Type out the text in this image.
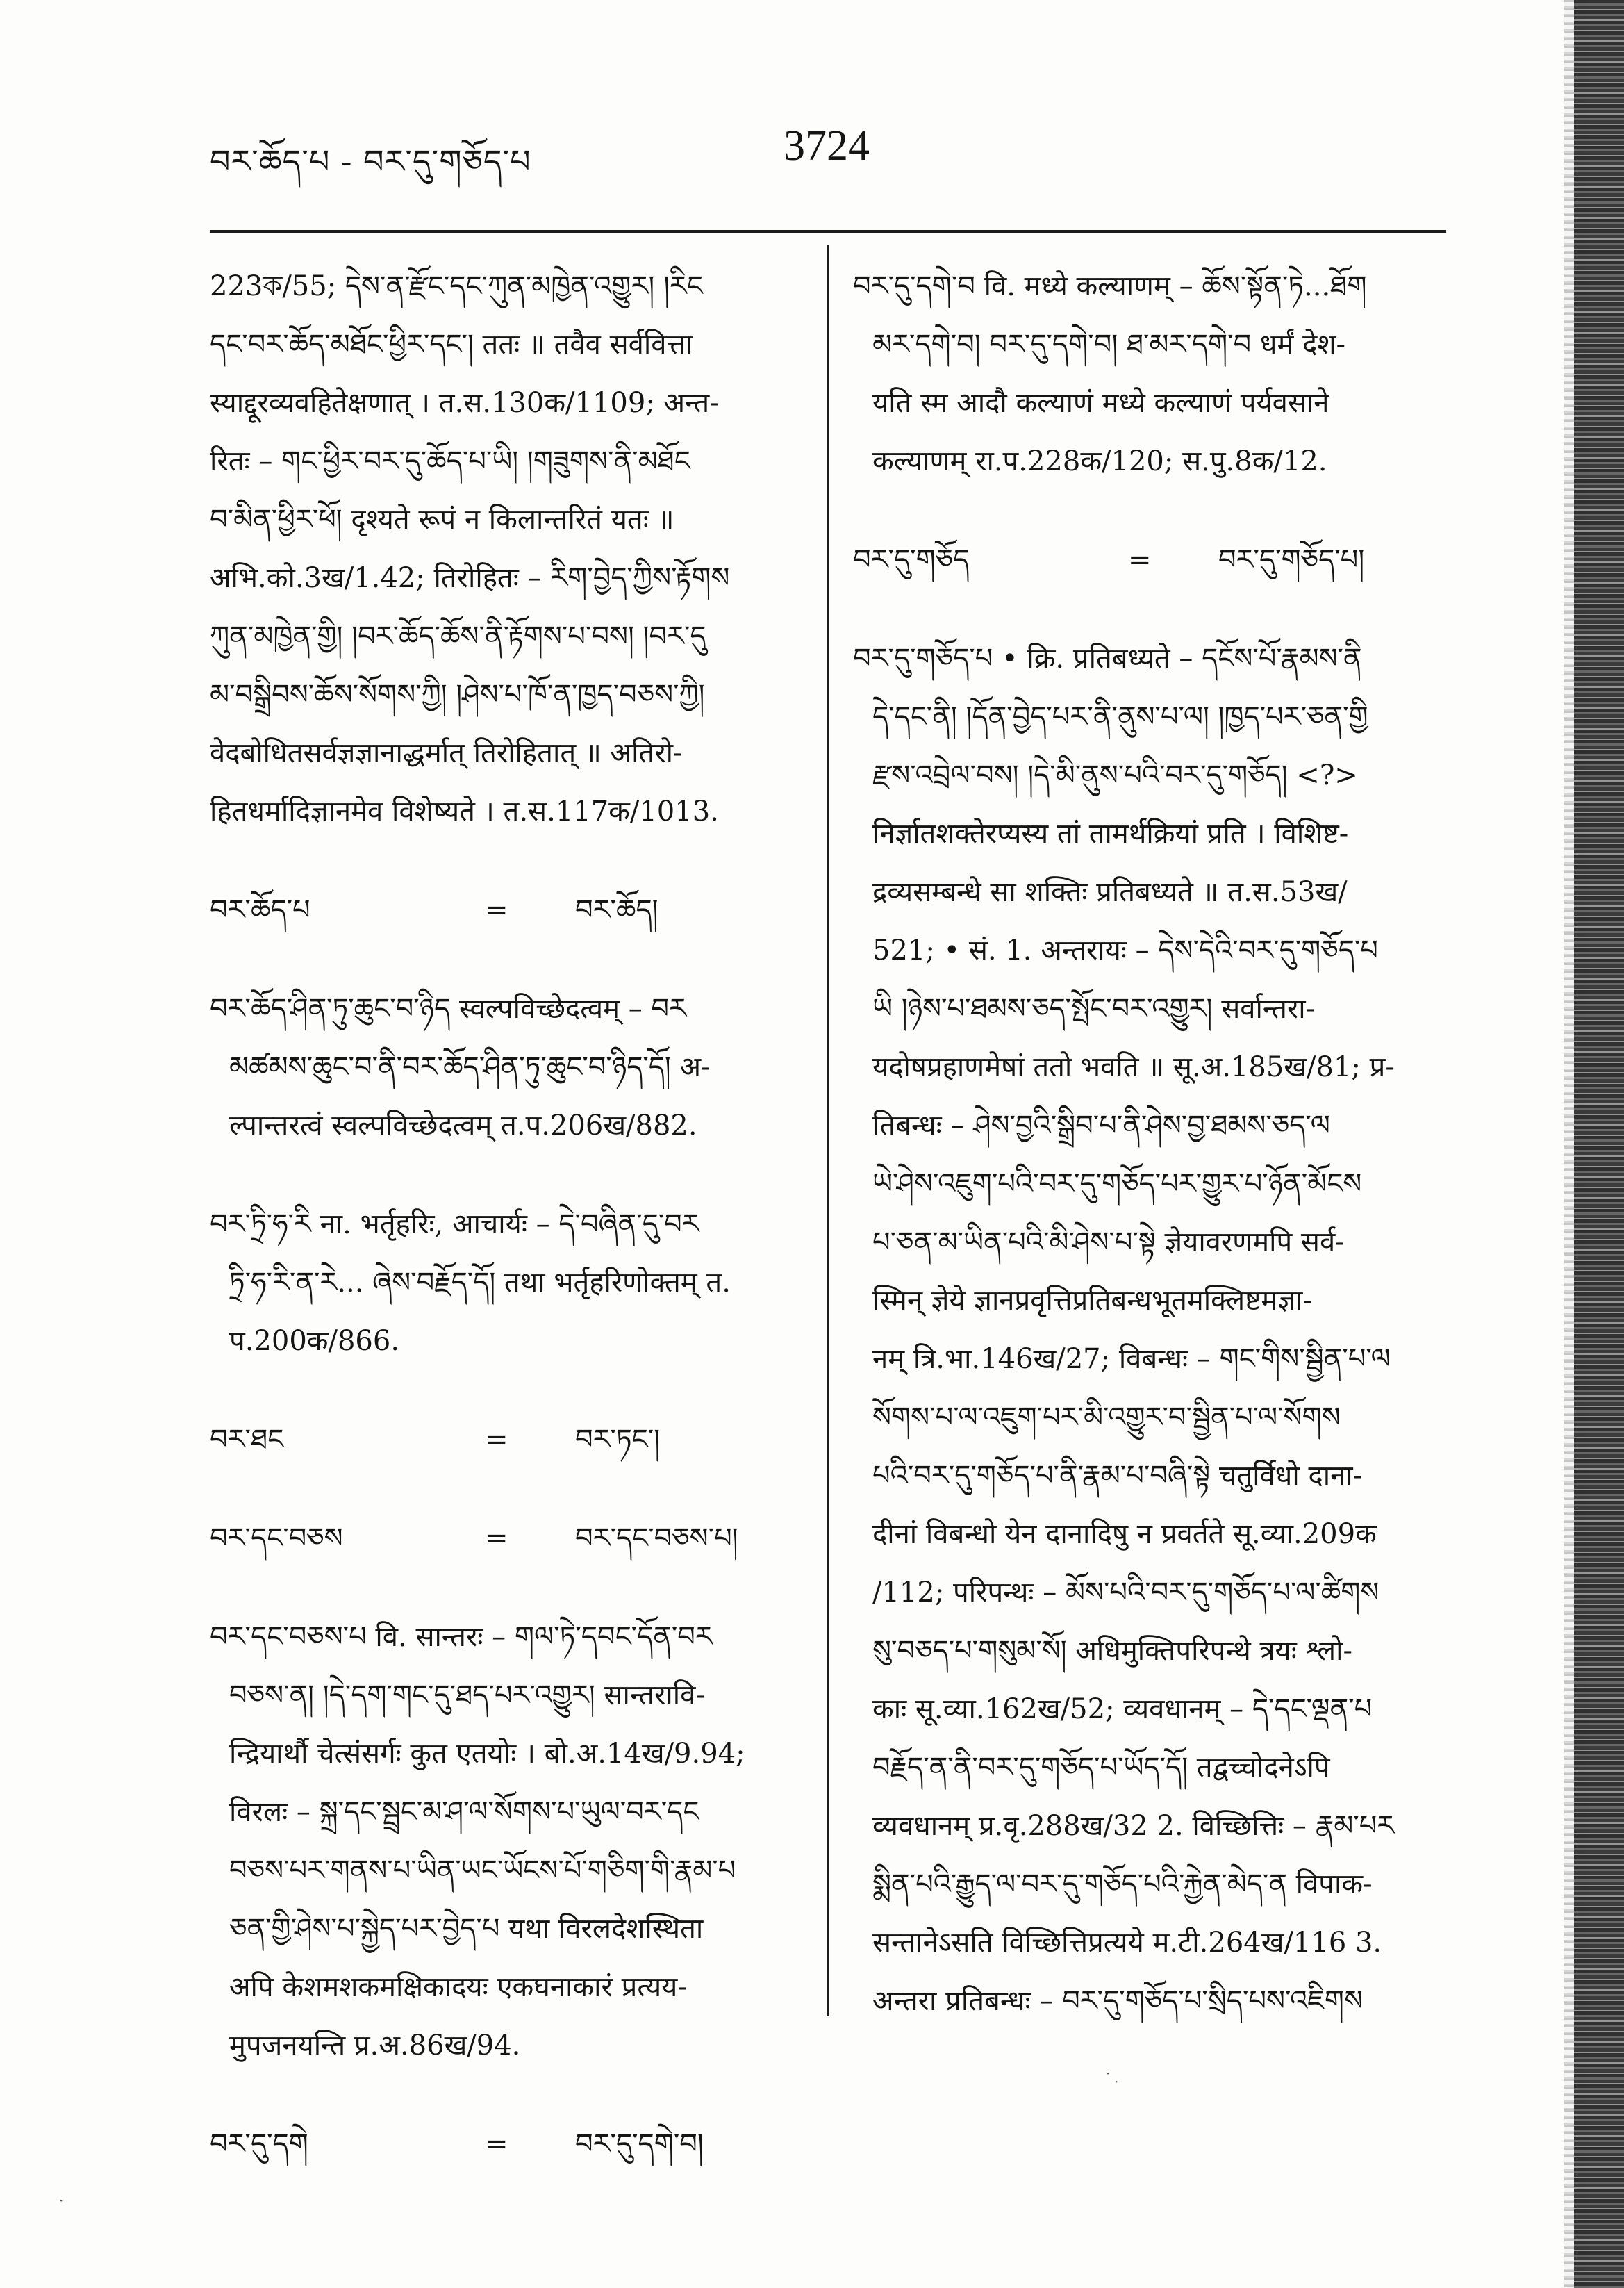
བར་ཆོད་པ - བར་དུ་གཅོད་པ	3724

223ক/55; དེས་ན་རྫོང་དང་ཀུན་མཁྱེན་འགྱུར། །རིང

དང་བར་ཆོད་མཐོང་ཕྱིར་དང་། ततः ॥ तवैव सर्ववित्ता

स्याद्दूरव्यवहितेक्षणात् । त.स.130क/1109; अन्त-

रितः – གང་ཕྱིར་བར་དུ་ཆོད་པ་ཡི། །གཟུགས་ནི་མཐོང

བ་མིན་ཕྱིར་ཕོ། दृश्यते रूपं न किलान्तरितं यतः ॥

अभि.को.3ख/1.42; तिरोहितः – རིག་བྱེད་ཀྱིས་རྟོགས

ཀུན་མཁྱེན་གྱི། །བར་ཆོད་ཆོས་ནི་རྟོགས་པ་བས། །བར་དུ

མ་བསྒྲིབས་ཆོས་སོགས་ཀྱི། །ཤེས་པ་ཁོ་ན་ཁྱད་བཅས་ཀྱི།

वेदबोधितसर्वज्ञज्ञानाद्धर्मात् तिरोहितात् ॥ अतिरो-

हितधर्मादिज्ञानमेव विशेष्यते । त.स.117क/1013.

བར་ཆོད་པ	=	བར་ཆོད།

བར་ཆོད་ཤིན་ཏུ་ཆུང་བ་ཉིད स्वल्पविच्छेदत्वम् – བར

མཚམས་ཆུང་བ་ནི་བར་ཆོད་ཤིན་ཏུ་ཆུང་བ་ཉིད་དོ། अ-

ल्पान्तरत्वं स्वल्पविच्छेदत्वम् त.प.206ख/882.

བར་ཏྲི་ཧ་རི ना. भर्तृहरिः, आचार्यः – དེ་བཞིན་དུ་བར

ཏྲི་ཧ་རི་ན་རེ... ཞེས་བརྗོད་དོ། तथा भर्तृहरिणोक्तम् त.

प.200क/866.

བར་ཐང	=	བར་ཏང་།
བར་དང་བཅས	=	བར་དང་བཅས་པ།

བར་དང་བཅས་པ वि. सान्तरः – གལ་ཏེ་དབང་དོན་བར

བཅས་ན། །དེ་དག་གང་དུ་ཐད་པར་འགྱུར། सान्तरावि-

न्द्रियार्थौ चेत्संसर्गः कुत एतयोः । बो.अ.14ख/9.94;

विरलः – སྐྲ་དང་སྦྲང་མ་ཤ་ལ་སོགས་པ་ཡུལ་བར་དང

བཅས་པར་གནས་པ་ཡིན་ཡང་ཡོངས་པོ་གཅིག་གི་རྣམ་པ

ཅན་གྱི་ཤེས་པ་སྐྱེད་པར་བྱེད་པ यथा विरलदेशस्थिता

अपि केशमशकमक्षिकादयः एकघनाकारं प्रत्यय-

मुपजनयन्ति प्र.अ.86ख/94.

བར་དུ་དགེ	=	བར་དུ་དགེ་བ།

བར་དུ་དགེ་བ वि. मध्ये कल्याणम् – ཆོས་སྟོན་ཏེ...ཐོག

མར་དགེ་བ། བར་དུ་དགེ་བ། ཐ་མར་དགེ་བ धर्मं देश-

यति स्म आदौ कल्याणं मध्ये कल्याणं पर्यवसाने

कल्याणम् रा.प.228क/120; स.पु.8क/12.

བར་དུ་གཅོད	=	བར་དུ་གཅོད་པ།

བར་དུ་གཅོད་པ • क्रि. प्रतिबध्यते – དངོས་པོ་རྣམས་ནི

དེ་དང་ནི། །དོན་བྱེད་པར་ནི་ནུས་པ་ལ། །ཁྱད་པར་ཅན་གྱི

རྫས་འབྲེལ་བས། །དེ་མི་ནུས་པའི་བར་དུ་གཅོད། <?>

निर्ज्ञातशक्तेरप्यस्य तां तामर्थक्रियां प्रति । विशिष्ट-

द्रव्यसम्बन्धे सा शक्तिः प्रतिबध्यते ॥ त.स.53ख/

521; • सं. 1. अन्तरायः – དེས་དེའི་བར་དུ་གཅོད་པ

ཡི །ཉེས་པ་ཐམས་ཅད་སྤོང་བར་འགྱུར། सर्वान्तरा-

यदोषप्रहाणमेषां ततो भवति ॥ सू.अ.185ख/81; प्र-

तिबन्धः – ཤེས་བྱའི་སྒྲིབ་པ་ནི་ཤེས་བྱ་ཐམས་ཅད་ལ

ཡེ་ཤེས་འཇུག་པའི་བར་དུ་གཅོད་པར་གྱུར་པ་ཉོན་མོངས

པ་ཅན་མ་ཡིན་པའི་མི་ཤེས་པ་སྟེ ज्ञेयावरणमपि सर्व-

स्मिन् ज्ञेये ज्ञानप्रवृत्तिप्रतिबन्धभूतमक्लिष्टमज्ञा-

नम् त्रि.भा.146ख/27; विबन्धः – གང་གིས་སྦྱིན་པ་ལ

སོགས་པ་ལ་འཇུག་པར་མི་འགྱུར་བ་སྦྱིན་པ་ལ་སོགས

པའི་བར་དུ་གཅོད་པ་ནི་རྣམ་པ་བཞི་སྟེ चतुर्विधो दाना-

दीनां विबन्धो येन दानादिषु न प्रवर्तते सू.व्या.209क

/112; परिपन्थः – མོས་པའི་བར་དུ་གཅོད་པ་ལ་ཚིགས

སུ་བཅད་པ་གསུམ་སོ། अधिमुक्तिपरिपन्थे त्रयः श्लो-

काः सू.व्या.162ख/52; व्यवधानम् – དེ་དང་ལྡན་པ

བརྗོད་ན་ནི་བར་དུ་གཅོད་པ་ཡོད་དོ། तद्वच्चोदनेऽपि

व्यवधानम् प्र.वृ.288ख/32 2. विच्छित्तिः – རྣམ་པར

སྨིན་པའི་རྒྱུད་ལ་བར་དུ་གཅོད་པའི་རྐྱེན་མེད་ན विपाक-

सन्तानेऽसति विच्छित्तिप्रत्यये म.टी.264ख/116 3.

अन्तरा प्रतिबन्धः – བར་དུ་གཅོད་པ་སྲིད་པས་འཇིགས

· ·
·
